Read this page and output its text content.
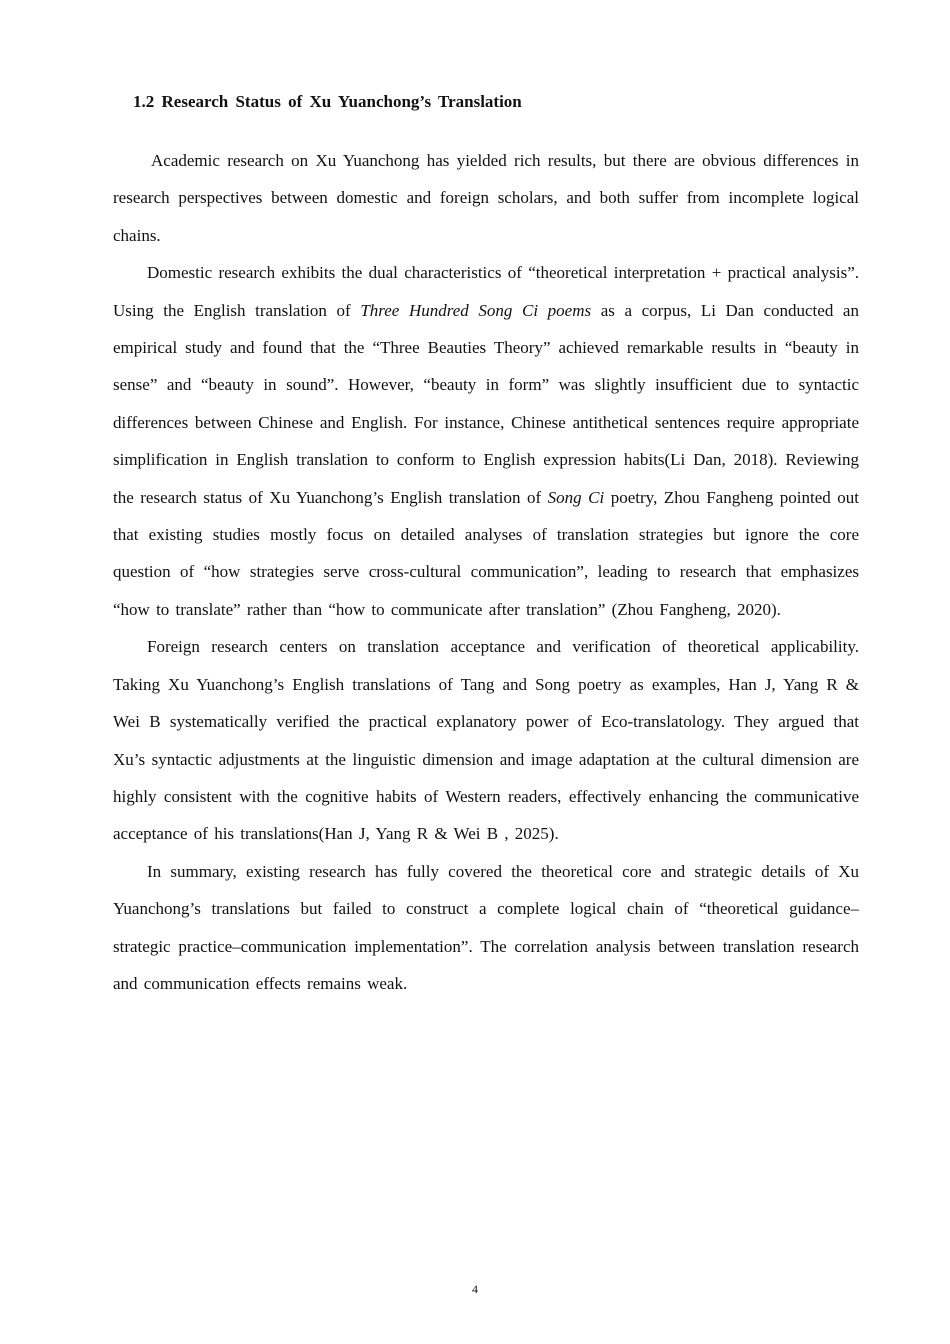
1.2 Research Status of Xu Yuanchong’s Translation

Academic research on Xu Yuanchong has yielded rich results, but there are obvious differences in research perspectives between domestic and foreign scholars, and both suffer from incomplete logical chains.

Domestic research exhibits the dual characteristics of “theoretical interpretation + practical analysis”. Using the English translation of Three Hundred Song Ci poems as a corpus, Li Dan conducted an empirical study and found that the “Three Beauties Theory” achieved remarkable results in “beauty in sense” and “beauty in sound”. However, “beauty in form” was slightly insufficient due to syntactic differences between Chinese and English. For instance, Chinese antithetical sentences require appropriate simplification in English translation to conform to English expression habits(Li Dan, 2018). Reviewing the research status of Xu Yuanchong’s English translation of Song Ci poetry, Zhou Fangheng pointed out that existing studies mostly focus on detailed analyses of translation strategies but ignore the core question of “how strategies serve cross-cultural communication”, leading to research that emphasizes “how to translate” rather than “how to communicate after translation” (Zhou Fangheng, 2020).

Foreign research centers on translation acceptance and verification of theoretical applicability. Taking Xu Yuanchong’s English translations of Tang and Song poetry as examples, Han J, Yang R & Wei B systematically verified the practical explanatory power of Eco-translatology. They argued that Xu’s syntactic adjustments at the linguistic dimension and image adaptation at the cultural dimension are highly consistent with the cognitive habits of Western readers, effectively enhancing the communicative acceptance of his translations(Han J, Yang R & Wei B , 2025).

In summary, existing research has fully covered the theoretical core and strategic details of Xu Yuanchong’s translations but failed to construct a complete logical chain of “theoretical guidance–strategic practice–communication implementation”. The correlation analysis between translation research and communication effects remains weak.

4
